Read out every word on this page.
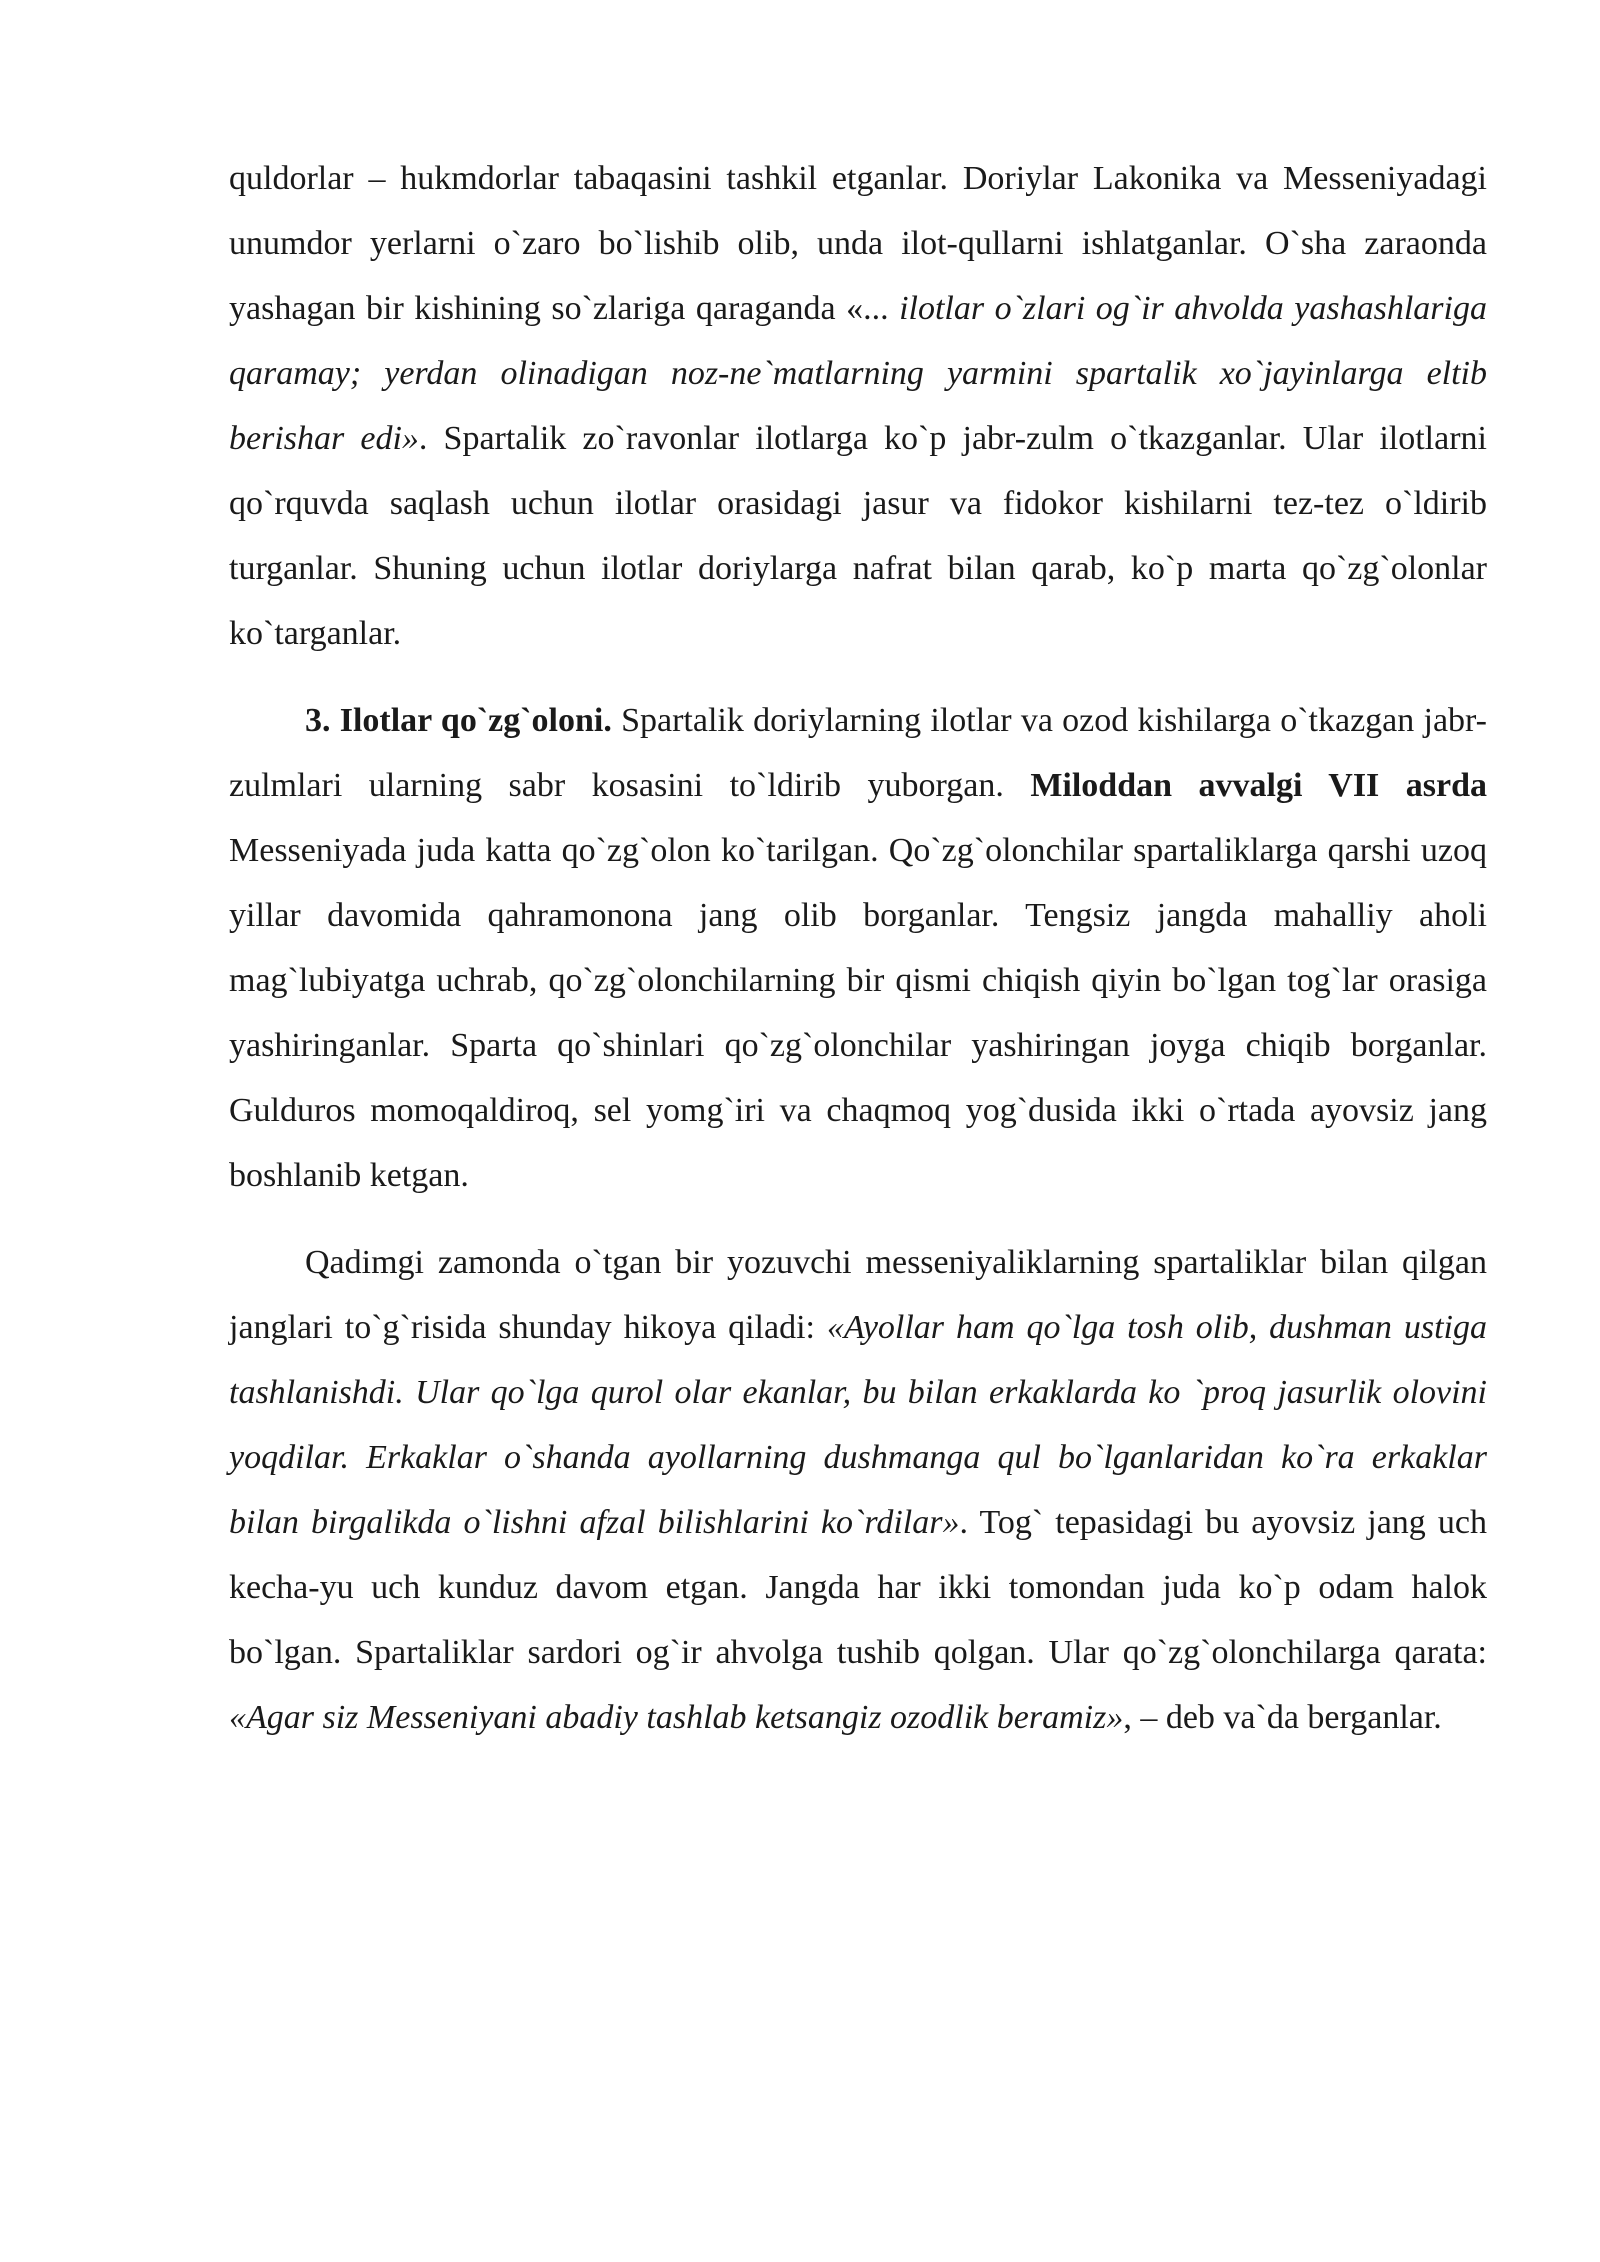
quldorlar – hukmdorlar tabaqasini tashkil etganlar. Doriylar Lakonika va Messeniyadagi unumdor yerlarni o`zaro bo`lishib olib, unda ilot-qullarni ishlatganlar. O`sha zaraonda yashagan bir kishining so`zlariga qaraganda «... ilotlar o`zlari og`ir ahvolda yashashlariga qaramay; yerdan olinadigan noz-ne`matlarning yarmini spartalik xo`jayinlarga eltib berishar edi». Spartalik zo`ravonlar ilotlarga ko`p jabr-zulm o`tkazganlar. Ular ilotlarni qo`rquvda saqlash uchun ilotlar orasidagi jasur va fidokor kishilarni tez-tez o`ldirib turganlar. Shuning uchun ilotlar doriylarga nafrat bilan qarab, ko`p marta qo`zg`olonlar ko`targanlar.

3. Ilotlar qo`zg`oloni. Spartalik doriylarning ilotlar va ozod kishilarga o`tkazgan jabr-zulmlari ularning sabr kosasini to`ldirib yuborgan. Miloddan avvalgi VII asrda Messeniyada juda katta qo`zg`olon ko`tarilgan. Qo`zg`olonchilar spartaliklarga qarshi uzoq yillar davomida qahramonona jang olib borganlar. Tengsiz jangda mahalliy aholi mag`lubiyatga uchrab, qo`zg`olonchilarning bir qismi chiqish qiyin bo`lgan tog`lar orasiga yashiringanlar. Sparta qo`shinlari qo`zg`olonchilar yashiringan joyga chiqib borganlar. Gulduros momoqaldiroq, sel yomg`iri va chaqmoq yog`dusida ikki o`rtada ayovsiz jang boshlanib ketgan.

Qadimgi zamonda o`tgan bir yozuvchi messeniyaliklarning spartaliklar bilan qilgan janglari to`g`risida shunday hikoya qiladi: «Ayollar ham qo`lga tosh olib, dushman ustiga tashlanishdi. Ular qo`lga qurol olar ekanlar, bu bilan erkaklarda ko `proq jasurlik olovini yoqdilar. Erkaklar o`shanda ayollarning dushmanga qul bo`lganlaridan ko`ra erkaklar bilan birgalikda o`lishni afzal bilishlarini ko`rdilar». Tog` tepasidagi bu ayovsiz jang uch kecha-yu uch kunduz davom etgan. Jangda har ikki tomondan juda ko`p odam halok bo`lgan. Spartaliklar sardori og`ir ahvolga tushib qolgan. Ular qo`zg`olonchilarga qarata: «Agar siz Messeniyani abadiy tashlab ketsangiz ozodlik beramiz», – deb va`da berganlar.
